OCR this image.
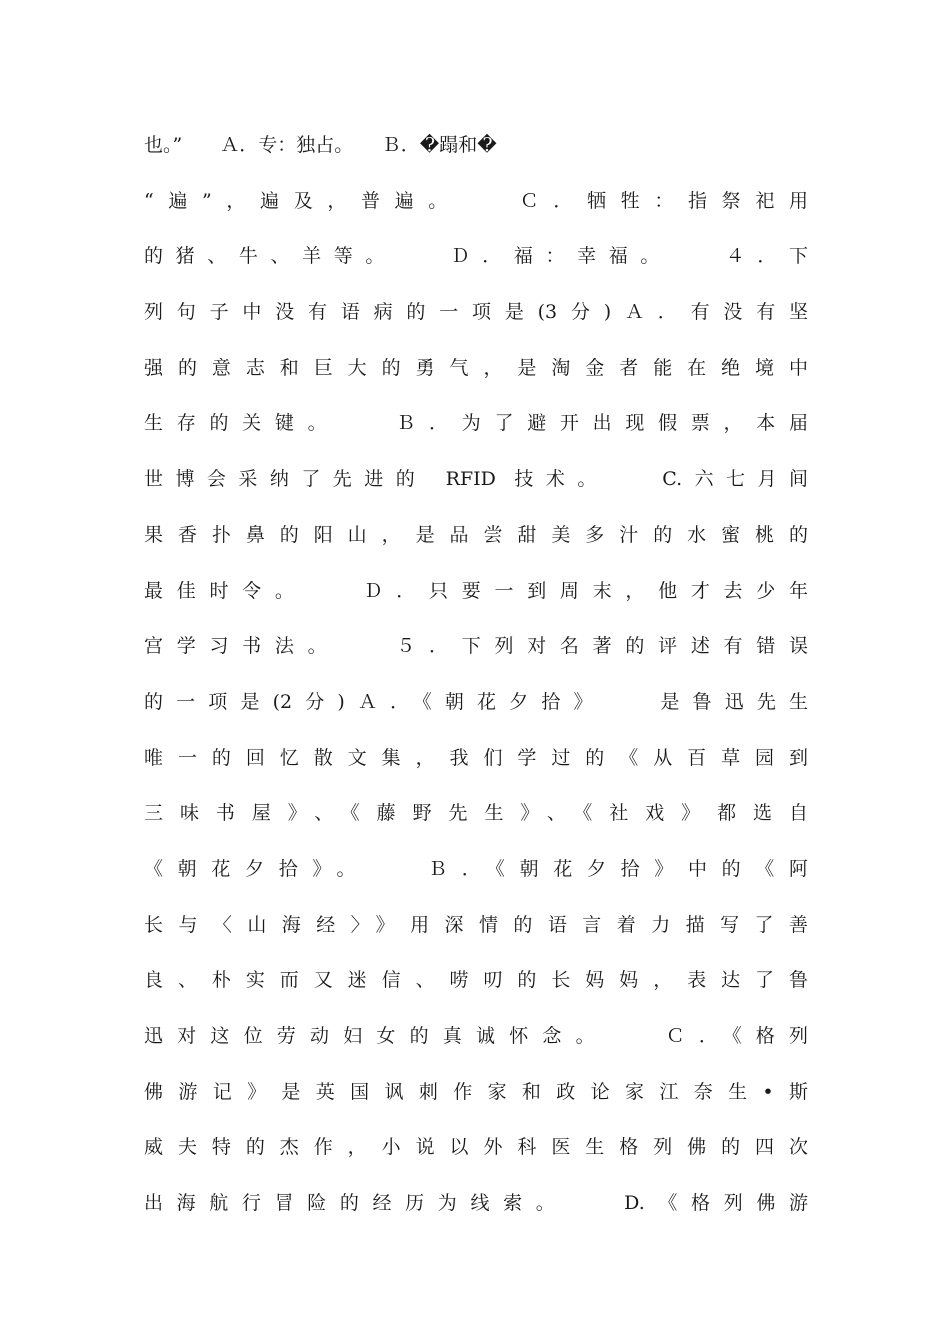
也。”　　Ａ．专：独占。　　Ｂ．�蹋和�
“遍”，遍及，普遍。　　Ｃ．牺牲：指祭祀用
的猪、牛、羊等。　　Ｄ．福：幸福。　　４．下
列句子中没有语病的一项是(3分)Ａ．有没有坚
强的意志和巨大的勇气，是淘金者能在绝境中
生存的关键。　　Ｂ．为了避开出现假票，本届
世博会采纳了先进的 RFID 技术。　　C.六七月间
果香扑鼻的阳山，是品尝甜美多汁的水蜜桃的
最佳时令。　　Ｄ．只要一到周末，他才去少年
宫学习书法。　　５．下列对名著的评述有错误
的一项是(2分)Ａ．《朝花夕拾》　　是鲁迅先生
唯一的回忆散文集，我们学过的《从百草园到
三味书屋》、《藤野先生》、《社戏》都选自
《朝花夕拾》。　　Ｂ．《朝花夕拾》中的《阿
长与〈山海经〉》用深情的语言着力描写了善
良、朴实而又迷信、唠叨的长妈妈，表达了鲁
迅对这位劳动妇女的真诚怀念。　　Ｃ．《格列
佛游记》是英国讽刺作家和政论家江奈生•斯
威夫特的杰作，小说以外科医生格列佛的四次
出海航行冒险的经历为线索。　　D.《格列佛游
